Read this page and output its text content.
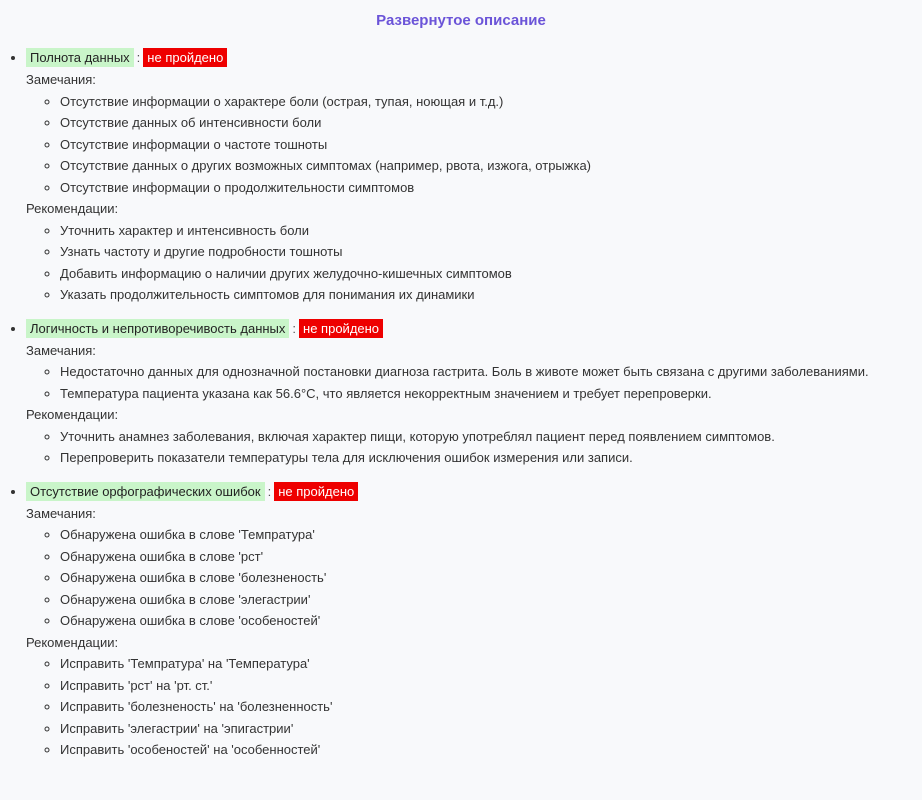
Развернутое описание
• Полнота данных : не пройдено
Замечания:
◦ Отсутствие информации о характере боли (острая, тупая, ноющая и т.д.)
◦ Отсутствие данных об интенсивности боли
◦ Отсутствие информации о частоте тошноты
◦ Отсутствие данных о других возможных симптомах (например, рвота, изжога, отрыжка)
◦ Отсутствие информации о продолжительности симптомов
Рекомендации:
◦ Уточнить характер и интенсивность боли
◦ Узнать частоту и другие подробности тошноты
◦ Добавить информацию о наличии других желудочно-кишечных симптомов
◦ Указать продолжительность симптомов для понимания их динамики
• Логичность и непротиворечивость данных : не пройдено
Замечания:
◦ Недостаточно данных для однозначной постановки диагноза гастрита. Боль в животе может быть связана с другими заболеваниями.
◦ Температура пациента указана как 56.6°C, что является некорректным значением и требует перепроверки.
Рекомендации:
◦ Уточнить анамнез заболевания, включая характер пищи, которую употреблял пациент перед появлением симптомов.
◦ Перепроверить показатели температуры тела для исключения ошибок измерения или записи.
• Отсутствие орфографических ошибок : не пройдено
Замечания:
◦ Обнаружена ошибка в слове 'Темпратура'
◦ Обнаружена ошибка в слове 'рст'
◦ Обнаружена ошибка в слове 'болезненость'
◦ Обнаружена ошибка в слове 'элегастрии'
◦ Обнаружена ошибка в слове 'особеностей'
Рекомендации:
◦ Исправить 'Темпратура' на 'Температура'
◦ Исправить 'рст' на 'рт. ст.'
◦ Исправить 'болезненость' на 'болезненность'
◦ Исправить 'элегастрии' на 'эпигастрии'
◦ Исправить 'особеностей' на 'особенностей'
